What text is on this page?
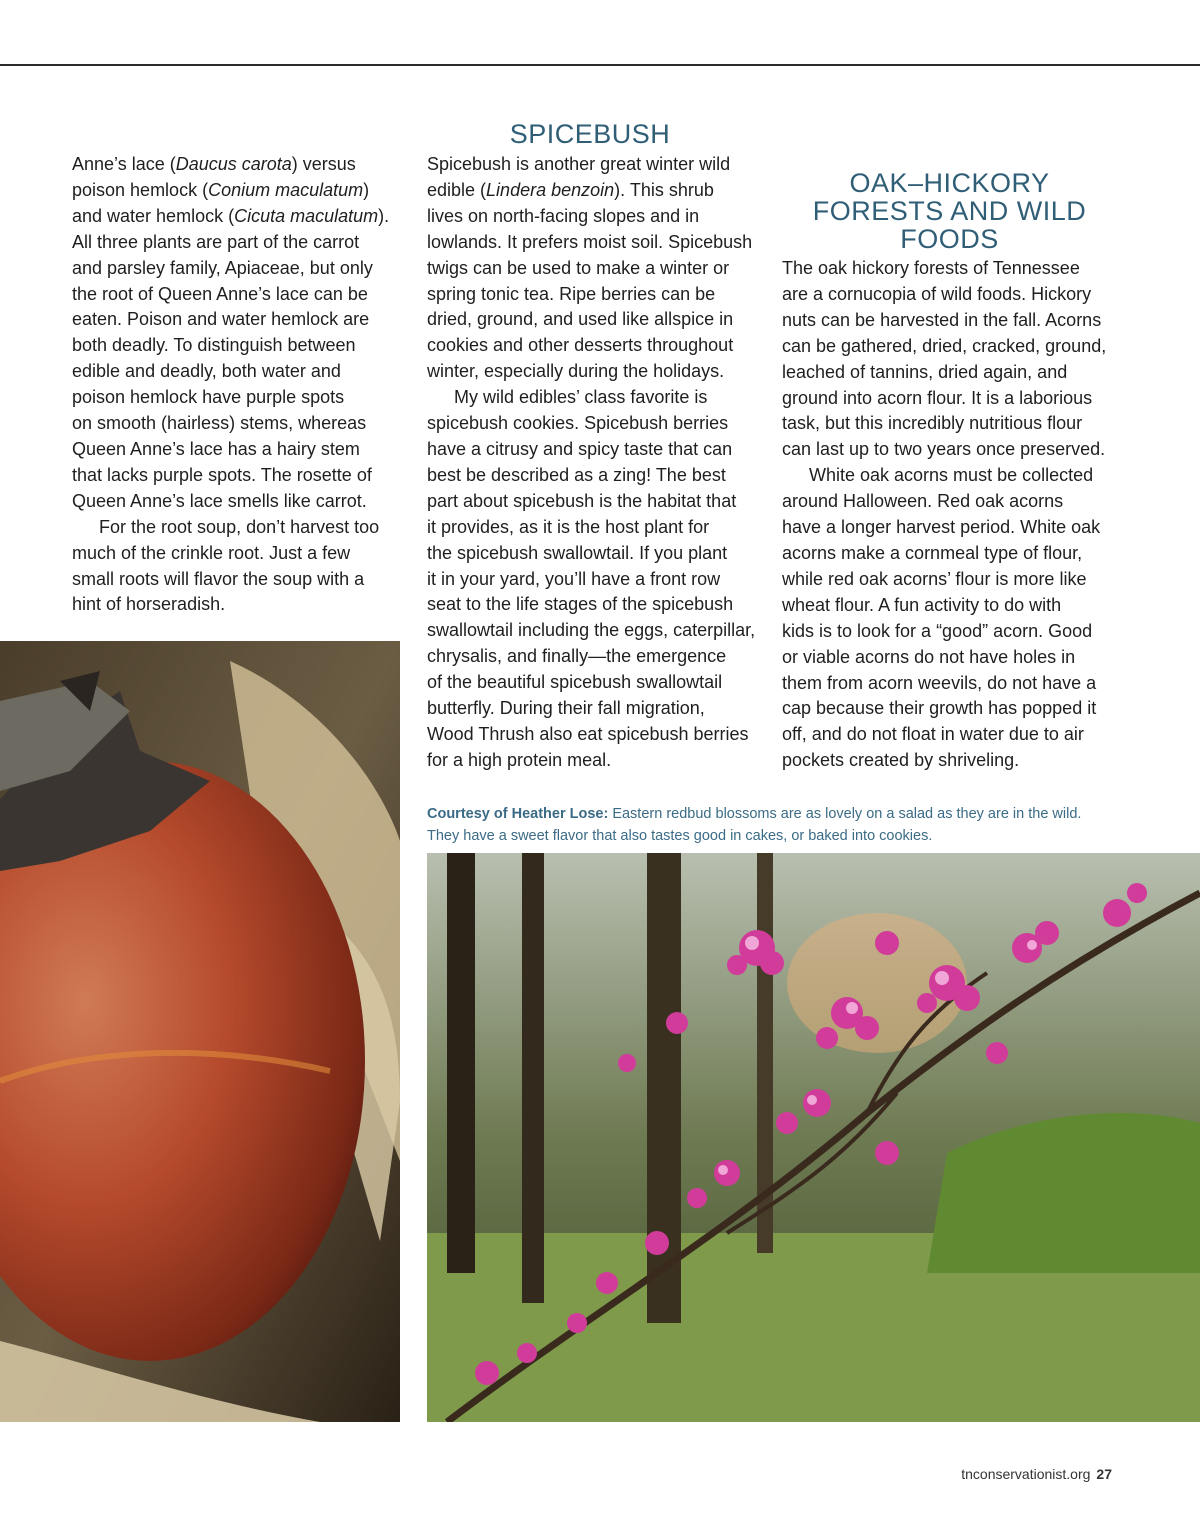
Anne’s lace (Daucus carota) versus
poison hemlock (Conium maculatum)
and water hemlock (Cicuta maculatum).
All three plants are part of the carrot
and parsley family, Apiaceae, but only
the root of Queen Anne’s lace can be
eaten. Poison and water hemlock are
both deadly. To distinguish between
edible and deadly, both water and
poison hemlock have purple spots
on smooth (hairless) stems, whereas
Queen Anne’s lace has a hairy stem
that lacks purple spots. The rosette of
Queen Anne’s lace smells like carrot.
For the root soup, don’t harvest too
much of the crinkle root. Just a few
small roots will flavor the soup with a
hint of horseradish.
SPICEBUSH
Spicebush is another great winter wild
edible (Lindera benzoin). This shrub
lives on north-facing slopes and in
lowlands. It prefers moist soil. Spicebush
twigs can be used to make a winter or
spring tonic tea. Ripe berries can be
dried, ground, and used like allspice in
cookies and other desserts throughout
winter, especially during the holidays.
My wild edibles’ class favorite is
spicebush cookies. Spicebush berries
have a citrusy and spicy taste that can
best be described as a zing! The best
part about spicebush is the habitat that
it provides, as it is the host plant for
the spicebush swallowtail. If you plant
it in your yard, you’ll have a front row
seat to the life stages of the spicebush
swallowtail including the eggs, caterpillar,
chrysalis, and finally—the emergence
of the beautiful spicebush swallowtail
butterfly. During their fall migration,
Wood Thrush also eat spicebush berries
for a high protein meal.
OAK–HICKORY
FORESTS AND WILD
FOODS
The oak hickory forests of Tennessee
are a cornucopia of wild foods. Hickory
nuts can be harvested in the fall. Acorns
can be gathered, dried, cracked, ground,
leached of tannins, dried again, and
ground into acorn flour. It is a laborious
task, but this incredibly nutritious flour
can last up to two years once preserved.
White oak acorns must be collected
around Halloween. Red oak acorns
have a longer harvest period. White oak
acorns make a cornmeal type of flour,
while red oak acorns’ flour is more like
wheat flour. A fun activity to do with
kids is to look for a “good” acorn. Good
or viable acorns do not have holes in
them from acorn weevils, do not have a
cap because their growth has popped it
off, and do not float in water due to air
pockets created by shriveling.
Courtesy of Heather Lose: Eastern redbud blossoms are as lovely on a salad as they are in the wild.
They have a sweet flavor that also tastes good in cakes, or baked into cookies.
tnconservationist.org 27
